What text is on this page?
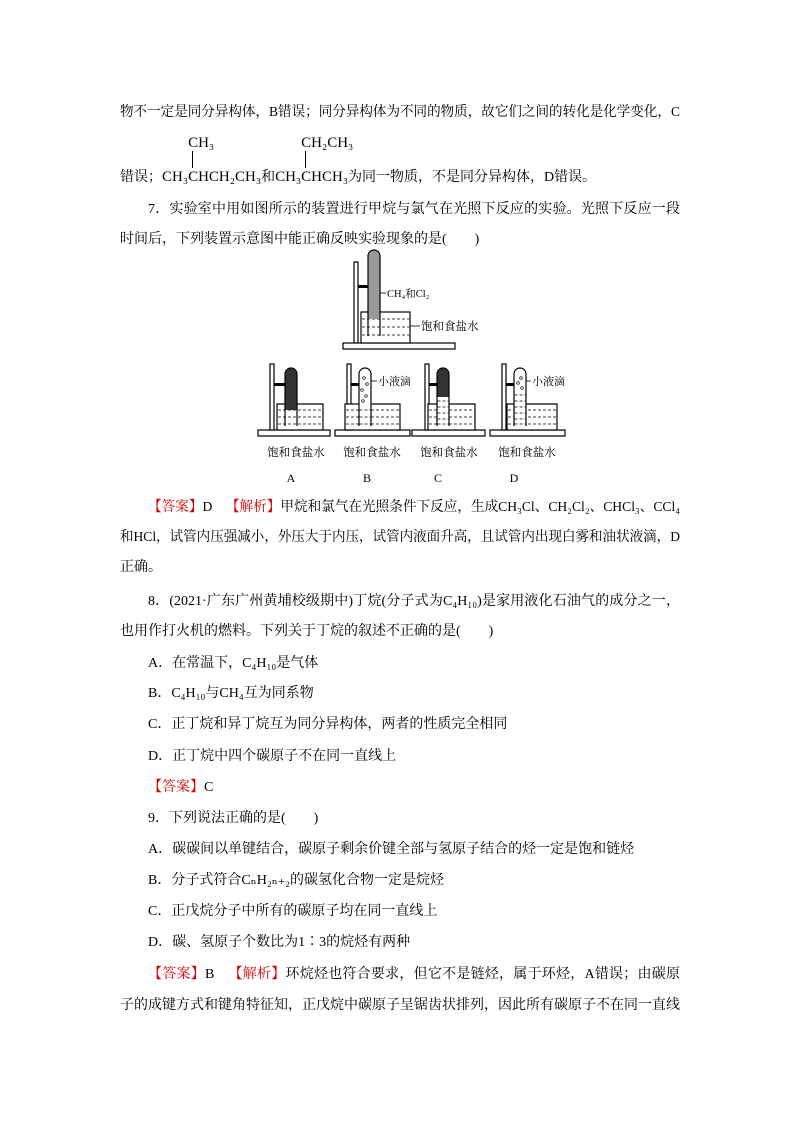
物不一定是同分异构体，B错误；同分异构体为不同的物质，故它们之间的转化是化学变化，C
错误；CH₃
CH₃
CHCH₂CH₃和CH₃
CH₂CH₃
CHCH₃为同一物质，不是同分异构体，D错误。
7．实验室中用如图所示的装置进行甲烷与氯气在光照下反应的实验。光照下反应一段
时间后，下列装置示意图中能正确反映实验现象的是(　　)
CH₄和Cl₂
饱和食盐水
饱和食盐水
A
小液滴
饱和食盐水
B
饱和食盐水
C
小液滴
饱和食盐水
D
【答案】D 【解析】甲烷和氯气在光照条件下反应，生成CH₃Cl、CH₂Cl₂、CHCl₃、CCl₄
和HCl，试管内压强减小，外压大于内压，试管内液面升高，且试管内出现白雾和油状液滴，D
正确。
8．(2021·广东广州黄埔校级期中)丁烷(分子式为C₄H₁₀)是家用液化石油气的成分之一，
也用作打火机的燃料。下列关于丁烷的叙述不正确的是(　　)
A．在常温下，C₄H₁₀是气体
B．C₄H₁₀与CH₄互为同系物
C．正丁烷和异丁烷互为同分异构体，两者的性质完全相同
D．正丁烷中四个碳原子不在同一直线上
【答案】C
9．下列说法正确的是(　　)
A．碳碳间以单键结合，碳原子剩余价键全部与氢原子结合的烃一定是饱和链烃
B．分子式符合CₙH₂ₙ₊₂的碳氢化合物一定是烷烃
C．正戊烷分子中所有的碳原子均在同一直线上
D．碳、氢原子个数比为1∶3的烷烃有两种
【答案】B 【解析】环烷烃也符合要求，但它不是链烃，属于环烃，A错误；由碳原
子的成键方式和键角特征知，正戊烷中碳原子呈锯齿状排列，因此所有碳原子不在同一直线
